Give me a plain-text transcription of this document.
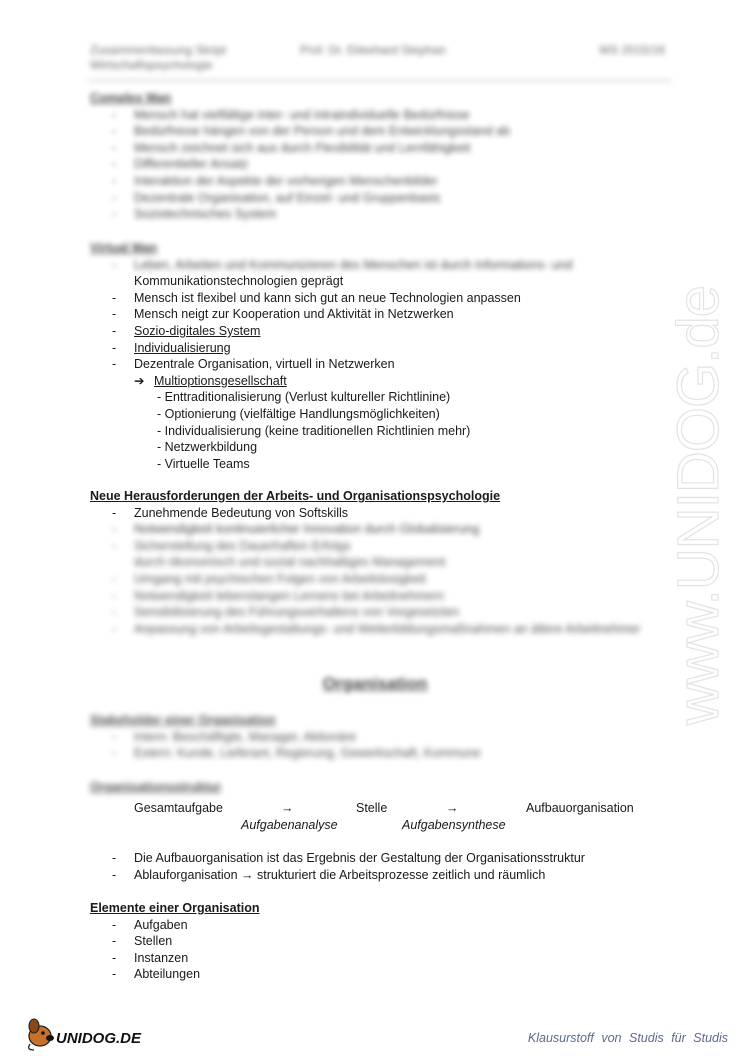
Zusammenfassung Skript
Wirtschaftspsychologie
Prof. Dr. Ekkehard Stephan	WS 2015/16
Complex Man
- Mensch hat vielfältige inter- und intraindividuelle Bedürfnisse
- Bedürfnisse hängen von der Person und dem Entwicklungsstand ab
- Mensch zeichnet sich aus durch Flexibilität und Lernfähigkeit
- Differentieller Ansatz
- Interaktion der Aspekte der vorherigen Menschenbilder
- Dezentrale Organisation, auf Einzel- und Gruppenbasis
- Soziotechnisches System
Virtual Man
- Leben, Arbeiten und Kommunizieren des Menschen ist durch Informations- und
Kommunikationstechnologien geprägt
- Mensch ist flexibel und kann sich gut an neue Technologien anpassen
- Mensch neigt zur Kooperation und Aktivität in Netzwerken
- Sozio-digitales System
- Individualisierung
- Dezentrale Organisation, virtuell in Netzwerken
➔ Multioptionsgesellschaft
- Enttraditionalisierung (Verlust kultureller Richtlinine)
- Optionierung (vielfältige Handlungsmöglichkeiten)
- Individualisierung (keine traditionellen Richtlinien mehr)
- Netzwerkbildung
- Virtuelle Teams
Neue Herausforderungen der Arbeits- und Organisationspsychologie
- Zunehmende Bedeutung von Softskills
- Notwendigkeit kontinuierlicher Innovation durch Globalisierung
- Sicherstellung des Dauerhaften Erfolgs
durch ökonomisch und sozial nachhaltiges Management
- Umgang mit psychischen Folgen von Arbeitslosigkeit
- Notwendigkeit lebenslangen Lernens bei Arbeitnehmern
- Sensibilisierung des Führungsverhaltens von Vorgesetzten
- Anpassung von Arbeitsgestaltungs- und Weiterbildungsmaßnahmen an ältere Arbeitnehmer
Organisation
Stakeholder einer Organisation
- Intern: Beschäftigte, Manager, Aktionäre
- Extern: Kunde, Lieferant, Regierung, Gewerkschaft, Kommune
Organisationsstruktur
Gesamtaufgabe	→	Stelle	→	Aufbauorganisation
Aufgabenanalyse	Aufgabensynthese
- Die Aufbauorganisation ist das Ergebnis der Gestaltung der Organisationsstruktur
- Ablauforganisation → strukturiert die Arbeitsprozesse zeitlich und räumlich
Elemente einer Organisation
- Aufgaben
- Stellen
- Instanzen
- Abteilungen
www.UNIDOG.de
UNIDOG.DE	Klausurstoff von Studis für Studis
